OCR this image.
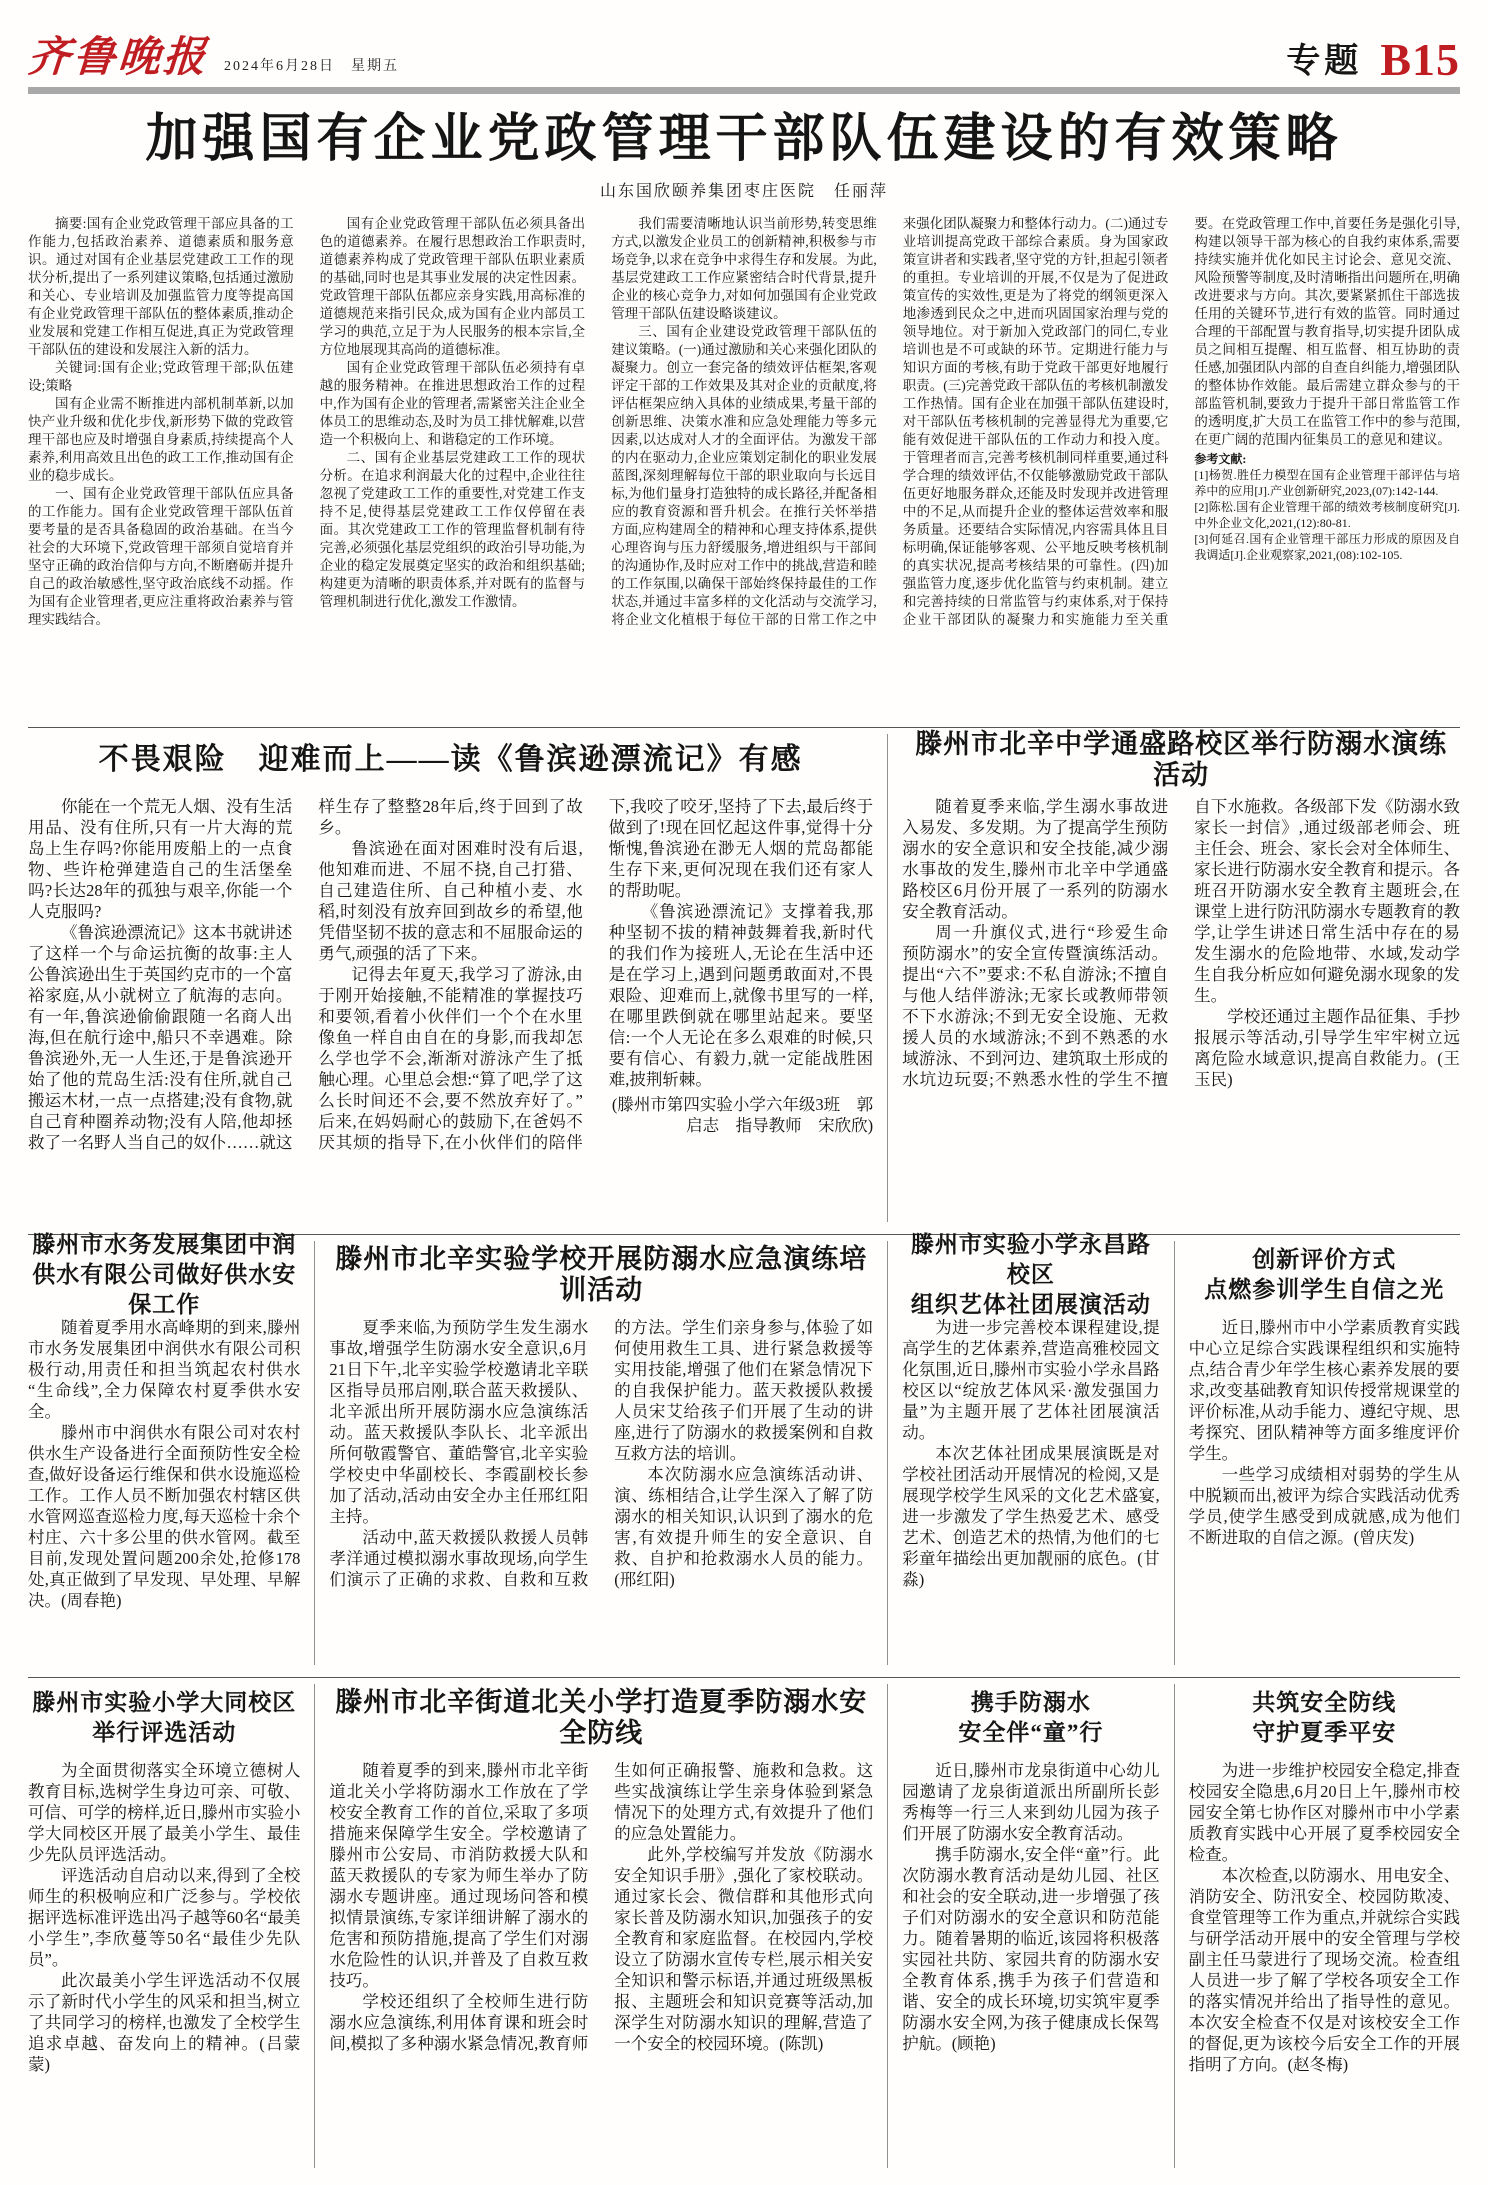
齐鲁晚报 2024年6月28日　 星期五	专题 B15
加强国有企业党政管理干部队伍建设的有效策略
山东国欣颐养集团枣庄医院　任丽萍

摘要:国有企业党政管理干部应具备的工作能力,包括政治素养、道德素质和服务意识。通过对国有企业基层党建政工工作的现状分析,提出了一系列建议策略,包括通过激励和关心、专业培训及加强监管力度等提高国有企业党政管理干部队伍的整体素质,推动企业发展和党建工作相互促进,真正为党政管理干部队伍的建设和发展注入新的活力。

关键词:国有企业;党政管理干部;队伍建设;策略

国有企业需不断推进内部机制革新,以加快产业升级和优化步伐,新形势下做的党政管理干部也应及时增强自身素质,持续提高个人素养,利用高效且出色的政工工作,推动国有企业的稳步成长。

一、国有企业党政管理干部队伍应具备的工作能力。国有企业党政管理干部队伍首要考量的是否具备稳固的政治基础。在当今社会的大环境下,党政管理干部须自觉培育并坚守正确的政治信仰与方向,不断磨砺并提升自己的政治敏感性,坚守政治底线不动摇。作为国有企业管理者,更应注重将政治素养与管理实践结合。

国有企业党政管理干部队伍必须具备出色的道德素养。在履行思想政治工作职责时,道德素养构成了党政管理干部队伍职业素质的基础,同时也是其事业发展的决定性因素。党政管理干部队伍都应亲身实践,用高标准的道德规范来指引民众,成为国有企业内部员工学习的典范,立足于为人民服务的根本宗旨,全方位地展现其高尚的道德标准。

国有企业党政管理干部队伍必须持有卓越的服务精神。在推进思想政治工作的过程中,作为国有企业的管理者,需紧密关注企业全体员工的思维动态,及时为员工排忧解难,以营造一个积极向上、和谐稳定的工作环境。

二、国有企业基层党建政工工作的现状分析。在追求利润最大化的过程中,企业往往忽视了党建政工工作的重要性,对党建工作支持不足,使得基层党建政工工作仅停留在表面。其次党建政工工作的管理监督机制有待完善,必须强化基层党组织的政治引导功能,为企业的稳定发展奠定坚实的政治和组织基础;构建更为清晰的职责体系,并对既有的监督与管理机制进行优化,激发工作激情。

我们需要清晰地认识当前形势,转变思维方式,以激发企业员工的创新精神,积极参与市场竞争,以求在竞争中求得生存和发展。为此,基层党建政工工作应紧密结合时代背景,提升企业的核心竞争力,对如何加强国有企业党政管理干部队伍建设略谈建议。

三、国有企业建设党政管理干部队伍的建议策略。(一)通过激励和关心来强化团队的凝聚力。创立一套完备的绩效评估框架,客观评定干部的工作效果及其对企业的贡献度,将评估框架应纳入具体的业绩成果,考量干部的创新思维、决策水准和应急处理能力等多元因素,以达成对人才的全面评估。为激发干部的内在驱动力,企业应策划定制化的职业发展蓝图,深刻理解每位干部的职业取向与长远目标,为他们量身打造独特的成长路径,并配备相应的教育资源和晋升机会。在推行关怀举措方面,应构建周全的精神和心理支持体系,提供心理咨询与压力舒缓服务,增进组织与干部间的沟通协作,及时应对工作中的挑战,营造和睦的工作氛围,以确保干部始终保持最佳的工作状态,并通过丰富多样的文化活动与交流学习,将企业文化植根于每位干部的日常工作之中来强化团队凝聚力和整体行动力。(二)通过专业培训提高党政干部综合素质。身为国家政策宣讲者和实践者,坚守党的方针,担起引领者的重担。专业培训的开展,不仅是为了促进政策宣传的实效性,更是为了将党的纲领更深入地渗透到民众之中,进而巩固国家治理与党的领导地位。对于新加入党政部门的同仁,专业培训也是不可或缺的环节。定期进行能力与知识方面的考核,有助于党政干部更好地履行职责。(三)完善党政干部队伍的考核机制激发工作热情。国有企业在加强干部队伍建设时,对干部队伍考核机制的完善显得尤为重要,它能有效促进干部队伍的工作动力和投入度。于管理者而言,完善考核机制同样重要,通过科学合理的绩效评估,不仅能够激励党政干部队伍更好地服务群众,还能及时发现并改进管理中的不足,从而提升企业的整体运营效率和服务质量。还要结合实际情况,内容需具体且目标明确,保证能够客观、公平地反映考核机制的真实状况,提高考核结果的可靠性。(四)加强监管力度,逐步优化监管与约束机制。建立和完善持续的日常监管与约束体系,对于保持企业干部团队的凝聚力和实施能力至关重要。在党政管理工作中,首要任务是强化引导,构建以领导干部为核心的自我约束体系,需要持续实施并优化如民主讨论会、意见交流、风险预警等制度,及时清晰指出问题所在,明确改进要求与方向。其次,要紧紧抓住干部选拔任用的关键环节,进行有效的监管。同时通过合理的干部配置与教育指导,切实提升团队成员之间相互提醒、相互监督、相互协助的责任感,加强团队内部的自查自纠能力,增强团队的整体协作效能。最后需建立群众参与的干部监管机制,要致力于提升干部日常监管工作的透明度,扩大员工在监管工作中的参与范围,在更广阔的范围内征集员工的意见和建议。

参考文献:

[1]杨贺.胜任力模型在国有企业管理干部评估与培养中的应用[J].产业创新研究,2023,(07):142-144.

[2]陈松.国有企业管理干部的绩效考核制度研究[J].中外企业文化,2021,(12):80-81.

[3]何延召.国有企业管理干部压力形成的原因及自我调适[J].企业观察家,2021,(08):102-105.

不畏艰险　迎难而上——读《鲁滨逊漂流记》有感

你能在一个荒无人烟、没有生活用品、没有住所,只有一片大海的荒岛上生存吗?你能用废船上的一点食物、些许枪弹建造自己的生活堡垒吗?长达28年的孤独与艰辛,你能一个人克服吗?

《鲁滨逊漂流记》这本书就讲述了这样一个与命运抗衡的故事:主人公鲁滨逊出生于英国约克市的一个富裕家庭,从小就树立了航海的志向。有一年,鲁滨逊偷偷跟随一名商人出海,但在航行途中,船只不幸遇难。除鲁滨逊外,无一人生还,于是鲁滨逊开始了他的荒岛生活:没有住所,就自己搬运木材,一点一点搭建;没有食物,就自己育种圈养动物;没有人陪,他却拯救了一名野人当自己的奴仆……就这样生存了整整28年后,终于回到了故乡。

鲁滨逊在面对困难时没有后退,他知难而进、不屈不挠,自己打猎、自己建造住所、自己种植小麦、水稻,时刻没有放弃回到故乡的希望,他凭借坚韧不拔的意志和不屈服命运的勇气,顽强的活了下来。

记得去年夏天,我学习了游泳,由于刚开始接触,不能精准的掌握技巧和要领,看着小伙伴们一个个在水里像鱼一样自由自在的身影,而我却怎么学也学不会,渐渐对游泳产生了抵触心理。心里总会想:“算了吧,学了这么长时间还不会,要不然放弃好了。”后来,在妈妈耐心的鼓励下,在爸妈不厌其烦的指导下,在小伙伴们的陪伴下,我咬了咬牙,坚持了下去,最后终于做到了!现在回忆起这件事,觉得十分惭愧,鲁滨逊在渺无人烟的荒岛都能生存下来,更何况现在我们还有家人的帮助呢。

《鲁滨逊漂流记》支撑着我,那种坚韧不拔的精神鼓舞着我,新时代的我们作为接班人,无论在生活中还是在学习上,遇到问题勇敢面对,不畏艰险、迎难而上,就像书里写的一样,在哪里跌倒就在哪里站起来。要坚信:一个人无论在多么艰难的时候,只要有信心、有毅力,就一定能战胜困难,披荆斩棘。

(滕州市第四实验小学六年级3班　郭启志　指导教师　宋欣欣)

滕州市北辛中学通盛路校区举行防溺水演练活动

随着夏季来临,学生溺水事故进入易发、多发期。为了提高学生预防溺水的安全意识和安全技能,减少溺水事故的发生,滕州市北辛中学通盛路校区6月份开展了一系列的防溺水安全教育活动。

周一升旗仪式,进行“珍爱生命　预防溺水”的安全宣传暨演练活动。提出“六不”要求:不私自游泳;不擅自与他人结伴游泳;无家长或教师带领不下水游泳;不到无安全设施、无救援人员的水域游泳;不到不熟悉的水域游泳、不到河边、建筑取土形成的水坑边玩耍;不熟悉水性的学生不擅自下水施救。各级部下发《防溺水致家长一封信》,通过级部老师会、班主任会、班会、家长会对全体师生、家长进行防溺水安全教育和提示。各班召开防溺水安全教育主题班会,在课堂上进行防汛防溺水专题教育的教学,让学生讲述日常生活中存在的易发生溺水的危险地带、水域,发动学生自我分析应如何避免溺水现象的发生。

学校还通过主题作品征集、手抄报展示等活动,引导学生牢牢树立远离危险水域意识,提高自救能力。(王玉民)

滕州市水务发展集团中润
供水有限公司做好供水安保工作

随着夏季用水高峰期的到来,滕州市水务发展集团中润供水有限公司积极行动,用责任和担当筑起农村供水“生命线”,全力保障农村夏季供水安全。

滕州市中润供水有限公司对农村供水生产设备进行全面预防性安全检查,做好设备运行维保和供水设施巡检工作。工作人员不断加强农村辖区供水管网巡查巡检力度,每天巡检十余个村庄、六十多公里的供水管网。截至目前,发现处置问题200余处,抢修178处,真正做到了早发现、早处理、早解决。(周春艳)

滕州市北辛实验学校开展防溺水应急演练培训活动

夏季来临,为预防学生发生溺水事故,增强学生防溺水安全意识,6月21日下午,北辛实验学校邀请北辛联区指导员邢启刚,联合蓝天救援队、北辛派出所开展防溺水应急演练活动。蓝天救援队李队长、北辛派出所何敬霞警官、董皓警官,北辛实验学校史中华副校长、李霞副校长参加了活动,活动由安全办主任邢红阳主持。

活动中,蓝天救援队救援人员韩孝洋通过模拟溺水事故现场,向学生们演示了正确的求救、自救和互救的方法。学生们亲身参与,体验了如何使用救生工具、进行紧急救援等实用技能,增强了他们在紧急情况下的自我保护能力。蓝天救援队救援人员宋艾给孩子们开展了生动的讲座,进行了防溺水的救援案例和自救互救方法的培训。

本次防溺水应急演练活动讲、演、练相结合,让学生深入了解了防溺水的相关知识,认识到了溺水的危害,有效提升师生的安全意识、自救、自护和抢救溺水人员的能力。(邢红阳)

滕州市实验小学永昌路校区
组织艺体社团展演活动

为进一步完善校本课程建设,提高学生的艺体素养,营造高雅校园文化氛围,近日,滕州市实验小学永昌路校区以“绽放艺体风采·激发强国力量”为主题开展了艺体社团展演活动。

本次艺体社团成果展演既是对学校社团活动开展情况的检阅,又是展现学校学生风采的文化艺术盛宴,进一步激发了学生热爱艺术、感受艺术、创造艺术的热情,为他们的七彩童年描绘出更加靓丽的底色。(甘淼)

创新评价方式
点燃参训学生自信之光

近日,滕州市中小学素质教育实践中心立足综合实践课程组织和实施特点,结合青少年学生核心素养发展的要求,改变基础教育知识传授常规课堂的评价标准,从动手能力、遵纪守规、思考探究、团队精神等方面多维度评价学生。

一些学习成绩相对弱势的学生从中脱颖而出,被评为综合实践活动优秀学员,使学生感受到成就感,成为他们不断进取的自信之源。(曾庆发)

滕州市实验小学大同校区
举行评选活动

为全面贯彻落实全环境立德树人教育目标,选树学生身边可亲、可敬、可信、可学的榜样,近日,滕州市实验小学大同校区开展了最美小学生、最佳少先队员评选活动。

评选活动自启动以来,得到了全校师生的积极响应和广泛参与。学校依据评选标准评选出冯子越等60名“最美小学生”,李欣蔓等50名“最佳少先队员”。

此次最美小学生评选活动不仅展示了新时代小学生的风采和担当,树立了共同学习的榜样,也激发了全校学生追求卓越、奋发向上的精神。(吕蒙蒙)

滕州市北辛街道北关小学打造夏季防溺水安全防线

随着夏季的到来,滕州市北辛街道北关小学将防溺水工作放在了学校安全教育工作的首位,采取了多项措施来保障学生安全。学校邀请了滕州市公安局、市消防救援大队和蓝天救援队的专家为师生举办了防溺水专题讲座。通过现场问答和模拟情景演练,专家详细讲解了溺水的危害和预防措施,提高了学生们对溺水危险性的认识,并普及了自救互救技巧。

学校还组织了全校师生进行防溺水应急演练,利用体育课和班会时间,模拟了多种溺水紧急情况,教育师生如何正确报警、施救和急救。这些实战演练让学生亲身体验到紧急情况下的处理方式,有效提升了他们的应急处置能力。

此外,学校编写并发放《防溺水安全知识手册》,强化了家校联动。通过家长会、微信群和其他形式向家长普及防溺水知识,加强孩子的安全教育和家庭监督。在校园内,学校设立了防溺水宣传专栏,展示相关安全知识和警示标语,并通过班级黑板报、主题班会和知识竞赛等活动,加深学生对防溺水知识的理解,营造了一个安全的校园环境。(陈凯)

携手防溺水
安全伴“童”行

近日,滕州市龙泉街道中心幼儿园邀请了龙泉街道派出所副所长彭秀梅等一行三人来到幼儿园为孩子们开展了防溺水安全教育活动。

携手防溺水,安全伴“童”行。此次防溺水教育活动是幼儿园、社区和社会的安全联动,进一步增强了孩子们对防溺水的安全意识和防范能力。随着暑期的临近,该园将积极落实园社共防、家园共育的防溺水安全教育体系,携手为孩子们营造和谐、安全的成长环境,切实筑牢夏季防溺水安全网,为孩子健康成长保驾护航。(顾艳)

共筑安全防线
守护夏季平安

为进一步维护校园安全稳定,排查校园安全隐患,6月20日上午,滕州市校园安全第七协作区对滕州市中小学素质教育实践中心开展了夏季校园安全检查。

本次检查,以防溺水、用电安全、消防安全、防汛安全、校园防欺凌、食堂管理等工作为重点,并就综合实践与研学活动开展中的安全管理与学校副主任马蒙进行了现场交流。检查组人员进一步了解了学校各项安全工作的落实情况并给出了指导性的意见。本次安全检查不仅是对该校安全工作的督促,更为该校今后安全工作的开展指明了方向。(赵冬梅)
